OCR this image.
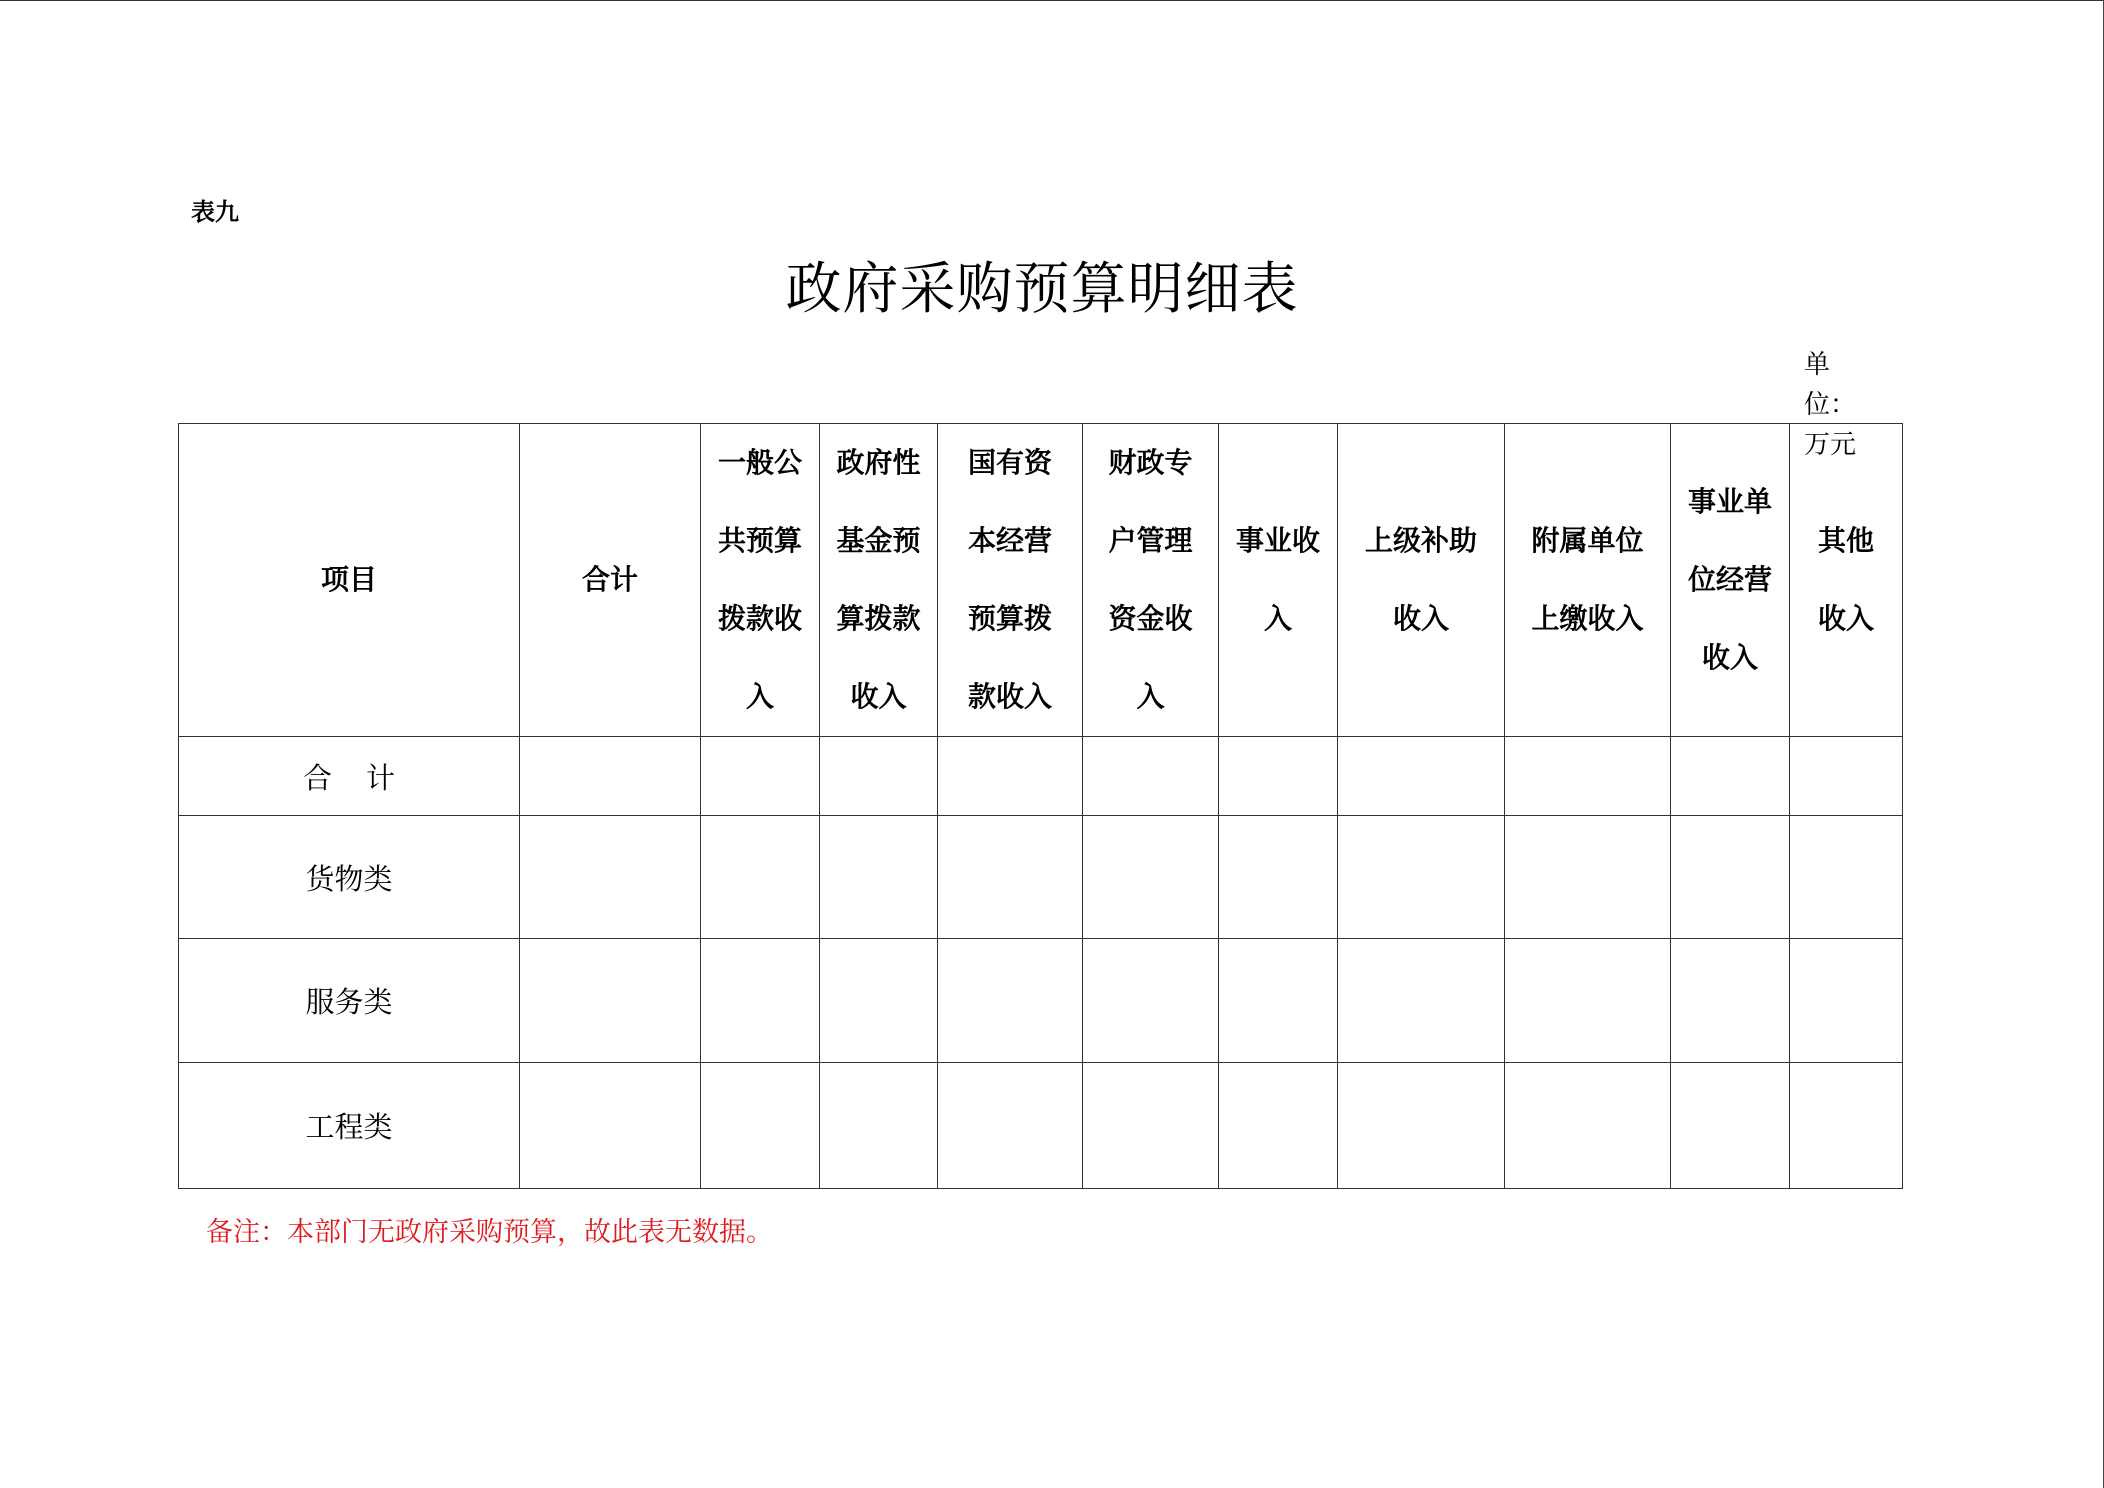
表九
政府采购预算明细表
单位：万元
项目	合计	一般公共预算拨款收入	政府性基金预算拨款收入	国有资本经营预算拨款收入	财政专户管理资金收入	事业收入	上级补助收入	附属单位上缴收入	事业单位经营收入	其他收入
合计										
货物类										
服务类										
工程类										
备注：本部门无政府采购预算，故此表无数据。
